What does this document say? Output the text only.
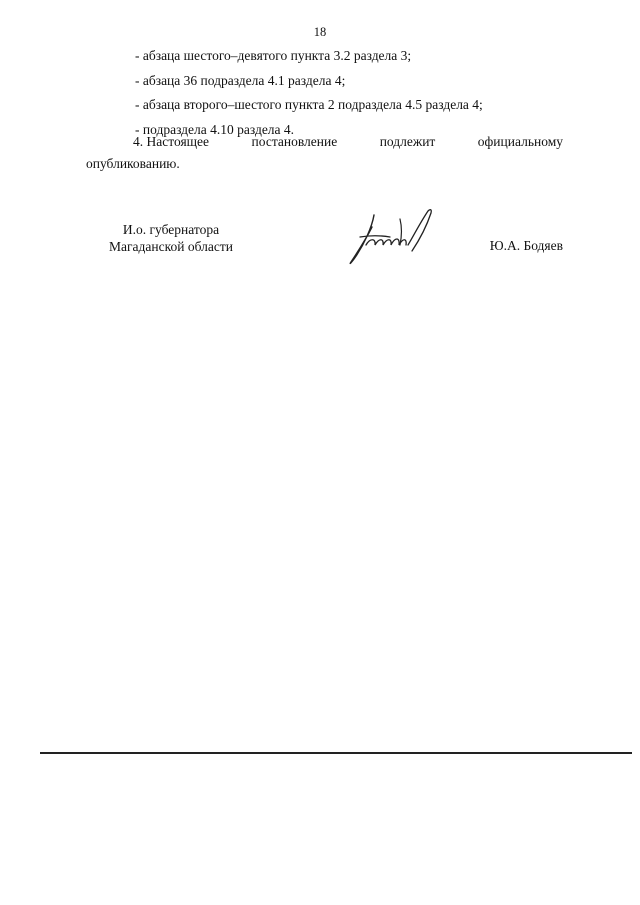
18
- абзаца шестого–девятого пункта 3.2 раздела 3;
- абзаца 36 подраздела 4.1 раздела 4;
- абзаца второго–шестого пункта 2 подраздела 4.5 раздела 4;
- подраздела 4.10 раздела 4.
4. Настоящее	постановление	подлежит	официальному
опубликованию.
И.о. губернатора
Магаданской области	Ю.А. Бодяев
